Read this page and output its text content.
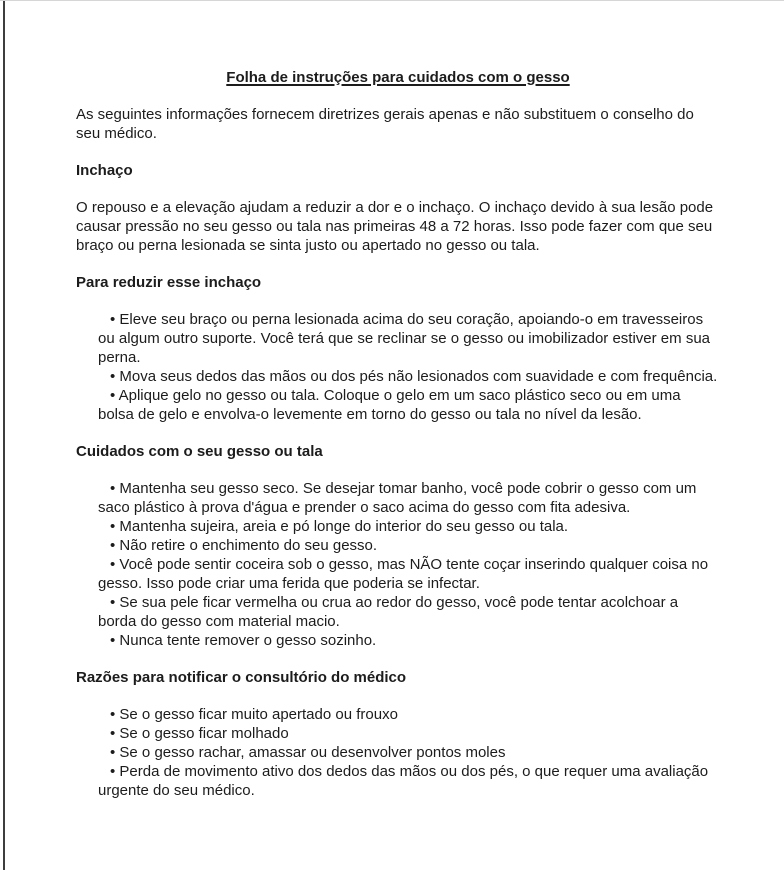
Folha de instruções para cuidados com o gesso
As seguintes informações fornecem diretrizes gerais apenas e não substituem o conselho do seu médico.
Inchaço
O repouso e a elevação ajudam a reduzir a dor e o inchaço. O inchaço devido à sua lesão pode causar pressão no seu gesso ou tala nas primeiras 48 a 72 horas. Isso pode fazer com que seu braço ou perna lesionada se sinta justo ou apertado no gesso ou tala.
Para reduzir esse inchaço
• Eleve seu braço ou perna lesionada acima do seu coração, apoiando-o em travesseiros ou algum outro suporte. Você terá que se reclinar se o gesso ou imobilizador estiver em sua perna.
• Mova seus dedos das mãos ou dos pés não lesionados com suavidade e com frequência.
• Aplique gelo no gesso ou tala. Coloque o gelo em um saco plástico seco ou em uma bolsa de gelo e envolva-o levemente em torno do gesso ou tala no nível da lesão.
Cuidados com o seu gesso ou tala
• Mantenha seu gesso seco. Se desejar tomar banho, você pode cobrir o gesso com um saco plástico à prova d'água e prender o saco acima do gesso com fita adesiva.
• Mantenha sujeira, areia e pó longe do interior do seu gesso ou tala.
• Não retire o enchimento do seu gesso.
• Você pode sentir coceira sob o gesso, mas NÃO tente coçar inserindo qualquer coisa no gesso. Isso pode criar uma ferida que poderia se infectar.
• Se sua pele ficar vermelha ou crua ao redor do gesso, você pode tentar acolchoar a borda do gesso com material macio.
• Nunca tente remover o gesso sozinho.
Razões para notificar o consultório do médico
• Se o gesso ficar muito apertado ou frouxo
• Se o gesso ficar molhado
• Se o gesso rachar, amassar ou desenvolver pontos moles
• Perda de movimento ativo dos dedos das mãos ou dos pés, o que requer uma avaliação urgente do seu médico.
